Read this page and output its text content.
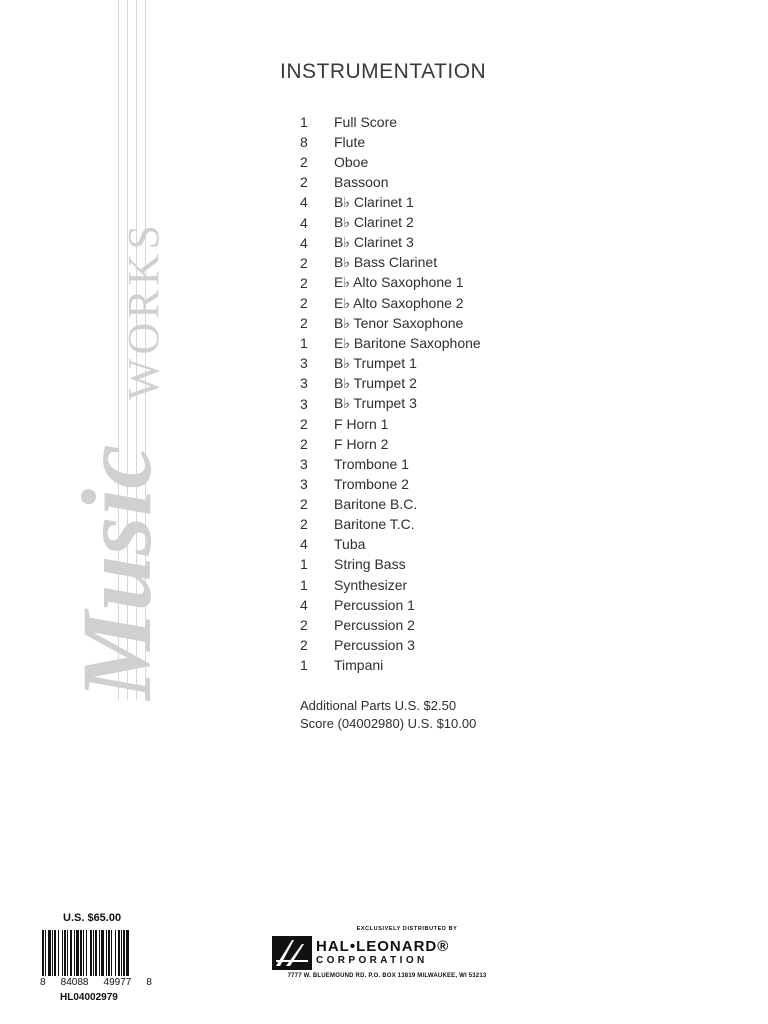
Music
WORKS
INSTRUMENTATION
1	Full Score
8	Flute
2	Oboe
2	Bassoon
4	B♭ Clarinet 1
4	B♭ Clarinet 2
4	B♭ Clarinet 3
2	B♭ Bass Clarinet
2	E♭ Alto Saxophone 1
2	E♭ Alto Saxophone 2
2	B♭ Tenor Saxophone
1	E♭ Baritone Saxophone
3	B♭ Trumpet 1
3	B♭ Trumpet 2
3	B♭ Trumpet 3
2	F Horn 1
2	F Horn 2
3	Trombone 1
3	Trombone 2
2	Baritone B.C.
2	Baritone T.C.
4	Tuba
1	String Bass
1	Synthesizer
4	Percussion 1
2	Percussion 2
2	Percussion 3
1	Timpani
Additional Parts U.S. $2.50
Score (04002980) U.S. $10.00
U.S. $65.00
8 84088 49977 8
HL04002979
EXCLUSIVELY DISTRIBUTED BY
HAL•LEONARD®
CORPORATION
7777 W. BLUEMOUND RD. P.O. BOX 13819 MILWAUKEE, WI 53213
